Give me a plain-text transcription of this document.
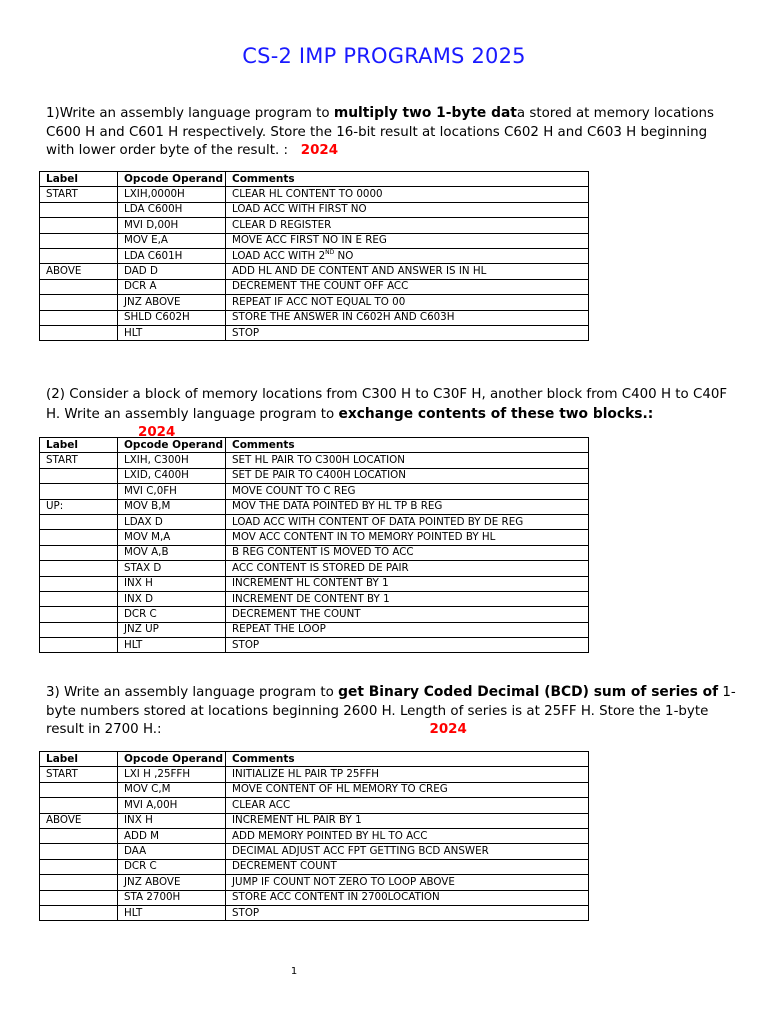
CS-2 IMP PROGRAMS 2025
1)Write an assembly language program to multiply two 1-byte data stored at memory locations C600 H and C601 H respectively. Store the 16-bit result at locations C602 H and C603 H beginning with lower order byte of the result. : 2024
Label	Opcode Operand	Comments
START	LXIH,0000H	CLEAR HL CONTENT TO 0000
	LDA C600H	LOAD ACC WITH FIRST NO
	MVI D,00H	CLEAR D REGISTER
	MOV E,A	MOVE ACC FIRST NO IN E REG
	LDA C601H	LOAD ACC WITH 2ND NO
ABOVE	DAD D	ADD HL AND DE CONTENT AND ANSWER IS IN HL
	DCR A	DECREMENT THE COUNT OFF ACC
	JNZ ABOVE	REPEAT IF ACC NOT EQUAL TO 00
	SHLD C602H	STORE THE ANSWER IN C602H AND C603H
	HLT	STOP
(2) Consider a block of memory locations from C300 H to C30F H, another block from C400 H to C40F H. Write an assembly language program to exchange contents of these two blocks.:2024
Label	Opcode Operand	Comments
START	LXIH, C300H	SET HL PAIR TO C300H LOCATION
	LXID, C400H	SET DE PAIR TO C400H LOCATION
	MVI C,0FH	MOVE COUNT TO C REG
UP:	MOV B,M	MOV THE DATA POINTED BY HL TP B REG
	LDAX D	LOAD ACC WITH CONTENT OF DATA POINTED BY DE REG
	MOV M,A	MOV ACC CONTENT IN TO MEMORY POINTED BY HL
	MOV A,B	B REG CONTENT IS MOVED TO ACC
	STAX D	ACC CONTENT IS STORED DE PAIR
	INX H	INCREMENT HL CONTENT BY 1
	INX D	INCREMENT DE CONTENT BY 1
	DCR C	DECREMENT THE COUNT
	JNZ UP	REPEAT THE LOOP
	HLT	STOP
3) Write an assembly language program to get Binary Coded Decimal (BCD) sum of series of 1-byte numbers stored at locations beginning 2600 H. Length of series is at 25FF H. Store the 1-byte result in 2700 H.:	2024
Label	Opcode Operand	Comments
START	LXI H ,25FFH	INITIALIZE HL PAIR TP 25FFH
	MOV C,M	MOVE CONTENT OF HL MEMORY TO CREG
	MVI A,00H	CLEAR ACC
ABOVE	INX H	INCREMENT HL PAIR BY 1
	ADD M	ADD MEMORY POINTED BY HL TO ACC
	DAA	DECIMAL ADJUST ACC FPT GETTING BCD ANSWER
	DCR C	DECREMENT COUNT
	JNZ ABOVE	JUMP IF COUNT NOT ZERO TO LOOP ABOVE
	STA 2700H	STORE ACC CONTENT IN 2700LOCATION
	HLT	STOP
1
